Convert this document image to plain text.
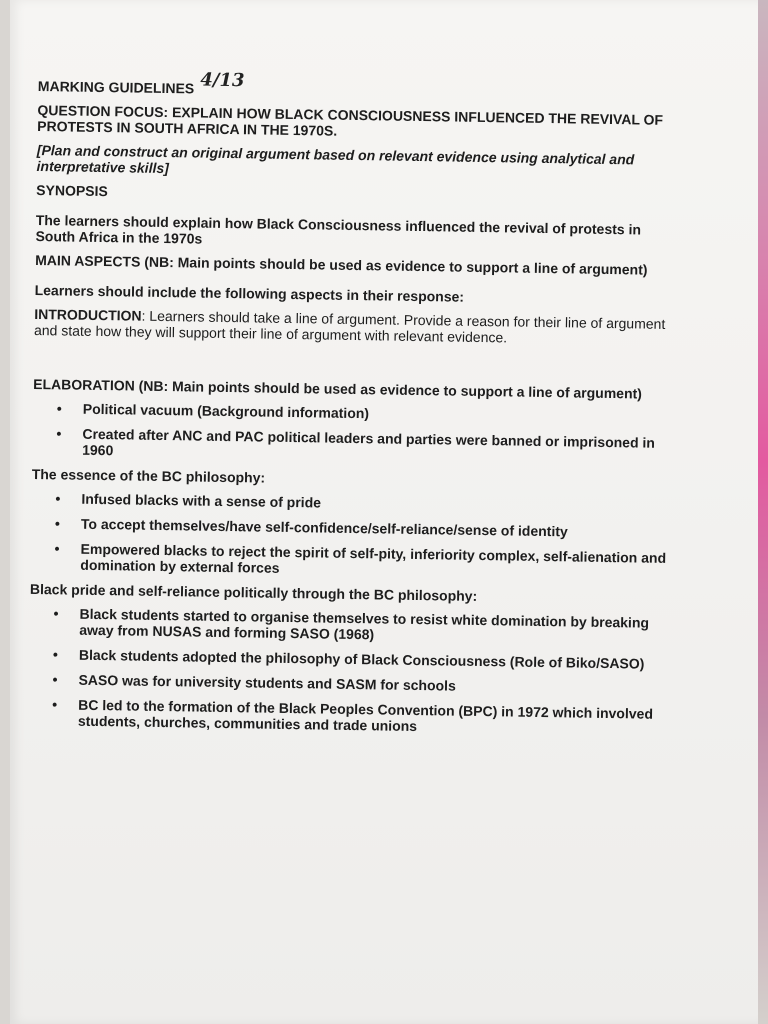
MARKING GUIDELINES 4/13

QUESTION FOCUS: EXPLAIN HOW BLACK CONSCIOUSNESS INFLUENCED THE REVIVAL OF PROTESTS IN SOUTH AFRICA IN THE 1970S.

[Plan and construct an original argument based on relevant evidence using analytical and interpretative skills]

SYNOPSIS

The learners should explain how Black Consciousness influenced the revival of protests in South Africa in the 1970s

MAIN ASPECTS (NB: Main points should be used as evidence to support a line of argument)

Learners should include the following aspects in their response:

INTRODUCTION: Learners should take a line of argument. Provide a reason for their line of argument and state how they will support their line of argument with relevant evidence.

ELABORATION (NB: Main points should be used as evidence to support a line of argument)

• Political vacuum (Background information)
• Created after ANC and PAC political leaders and parties were banned or imprisoned in 1960

The essence of the BC philosophy:

• Infused blacks with a sense of pride
• To accept themselves/have self-confidence/self-reliance/sense of identity
• Empowered blacks to reject the spirit of self-pity, inferiority complex, self-alienation and domination by external forces

Black pride and self-reliance politically through the BC philosophy:

• Black students started to organise themselves to resist white domination by breaking away from NUSAS and forming SASO (1968)
• Black students adopted the philosophy of Black Consciousness (Role of Biko/SASO)
• SASO was for university students and SASM for schools
• BC led to the formation of the Black Peoples Convention (BPC) in 1972 which involved students, churches, communities and trade unions
